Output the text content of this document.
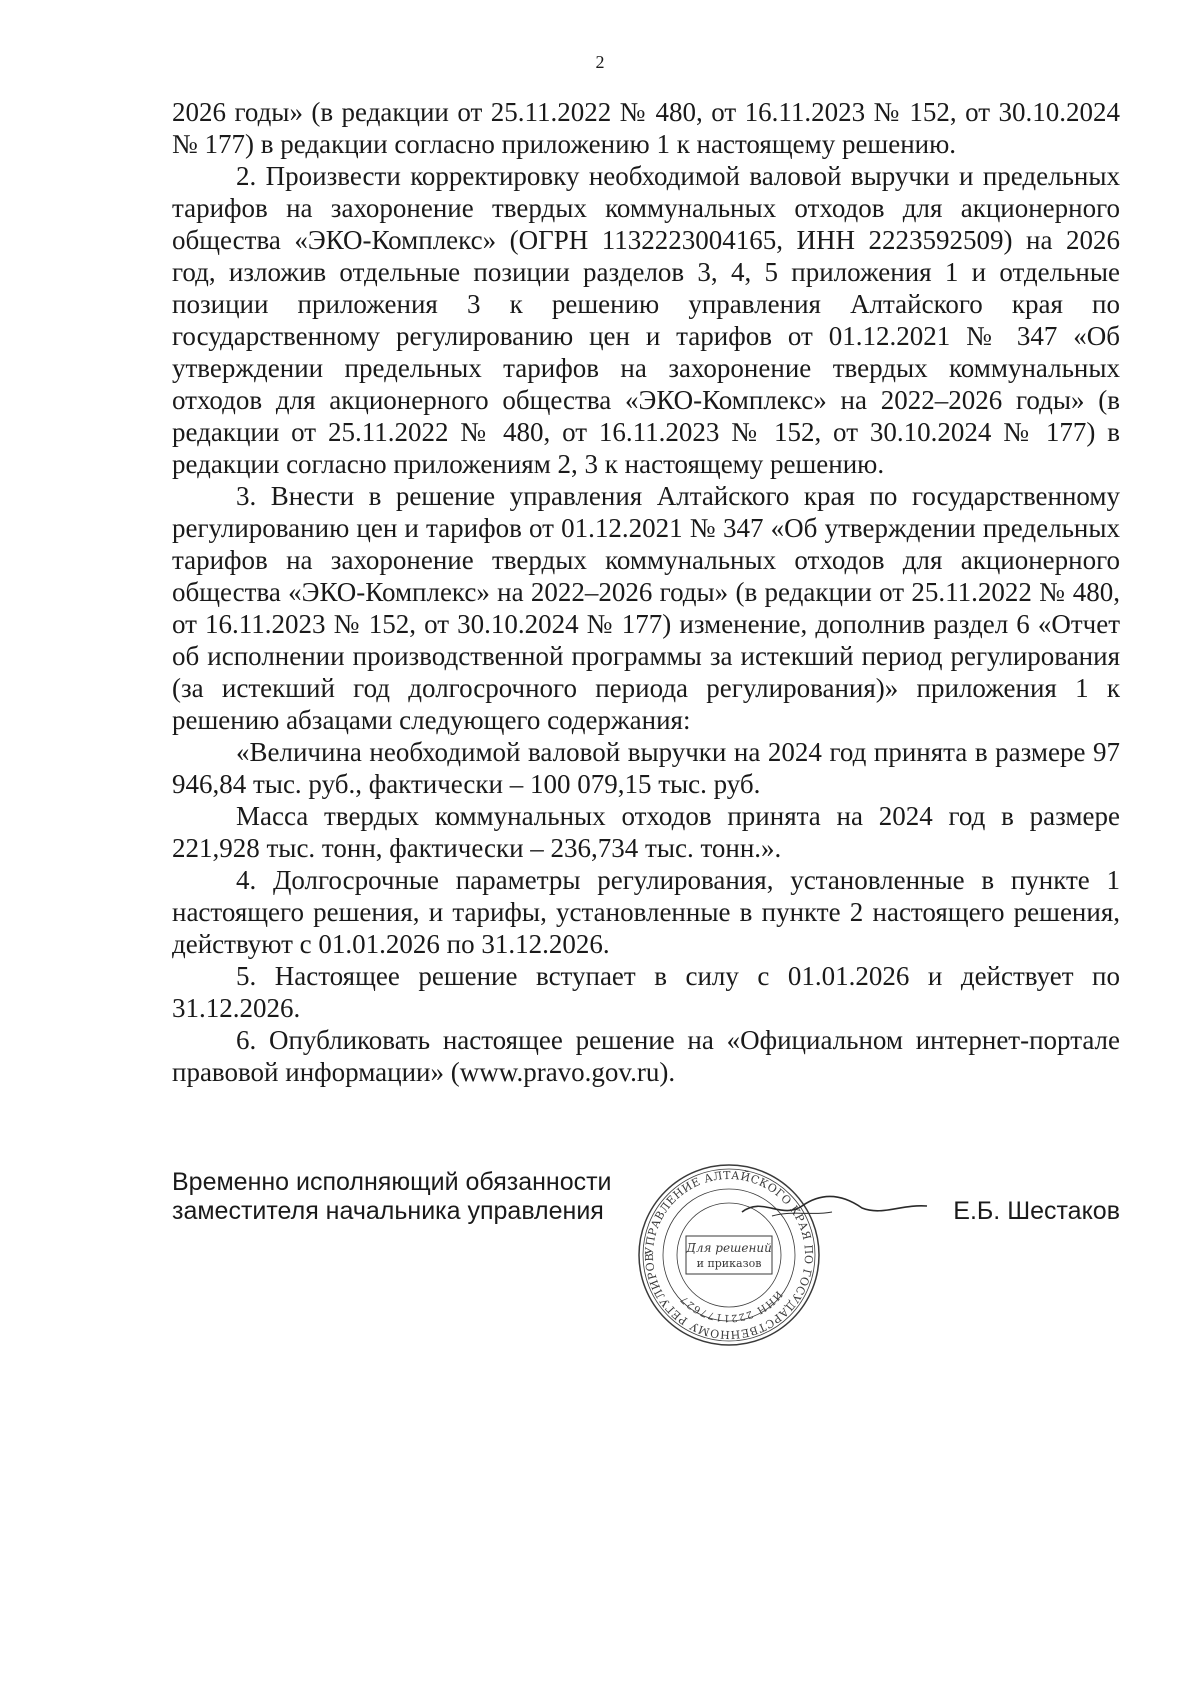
2

2026 годы» (в редакции от 25.11.2022 № 480, от 16.11.2023 № 152, от 30.10.2024 № 177) в редакции согласно приложению 1 к настоящему решению.

2. Произвести корректировку необходимой валовой выручки и предельных тарифов на захоронение твердых коммунальных отходов для акционерного общества «ЭКО-Комплекс» (ОГРН 1132223004165, ИНН 2223592509) на 2026 год, изложив отдельные позиции разделов 3, 4, 5 приложения 1 и отдельные позиции приложения 3 к решению управления Алтайского края по государственному регулированию цен и тарифов от 01.12.2021 № 347 «Об утверждении предельных тарифов на захоронение твердых коммунальных отходов для акционерного общества «ЭКО-Комплекс» на 2022–2026 годы» (в редакции от 25.11.2022 № 480, от 16.11.2023 № 152, от 30.10.2024 № 177) в редакции согласно приложениям 2, 3 к настоящему решению.

3. Внести в решение управления Алтайского края по государственному регулированию цен и тарифов от 01.12.2021 № 347 «Об утверждении предельных тарифов на захоронение твердых коммунальных отходов для акционерного общества «ЭКО-Комплекс» на 2022–2026 годы» (в редакции от 25.11.2022 № 480, от 16.11.2023 № 152, от 30.10.2024 № 177) изменение, дополнив раздел 6 «Отчет об исполнении производственной программы за истекший период регулирования (за истекший год долгосрочного периода регулирования)» приложения 1 к решению абзацами следующего содержания:

«Величина необходимой валовой выручки на 2024 год принята в размере 97 946,84 тыс. руб., фактически – 100 079,15 тыс. руб.

Масса твердых коммунальных отходов принята на 2024 год в размере 221,928 тыс. тонн, фактически – 236,734 тыс. тонн.».

4. Долгосрочные параметры регулирования, установленные в пункте 1 настоящего решения, и тарифы, установленные в пункте 2 настоящего решения, действуют с 01.01.2026 по 31.12.2026.

5. Настоящее решение вступает в силу с 01.01.2026 и действует по 31.12.2026.

6. Опубликовать настоящее решение на «Официальном интернет-портале правовой информации» (www.pravo.gov.ru).

Временно исполняющий обязанности
заместителя начальника управления
УПРАВЛЕНИЕ АЛТАЙСКОГО КРАЯ ПО ГОСУДАРСТВЕННОМУ РЕГУЛИРОВ
ИНН 2221177627
Для решений
и приказов
Е.Б. Шестаков
